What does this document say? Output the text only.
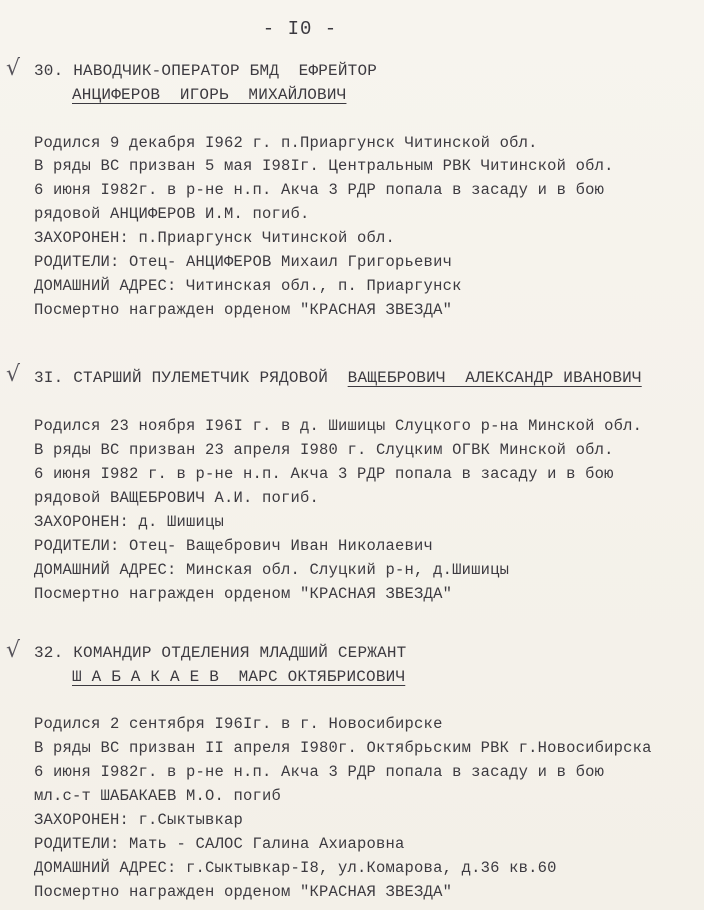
- I0 -
√ 30. НАВОДЧИК-ОПЕРАТОР БМД  ЕФРЕЙТОР
АНЦИФЕРОВ  ИГОРЬ  МИХАЙЛОВИЧ
Родился 9 декабря I962 г. п.Приаргунск Читинской обл.
В ряды ВС призван 5 мая I98Iг. Центральным РВК Читинской обл.
6 июня I982г. в р-не н.п. Акча 3 РДР попала в засаду и в бою
рядовой АНЦИФЕРОВ И.М. погиб.
ЗАХОРОНЕН: п.Приаргунск Читинской обл.
РОДИТЕЛИ: Отец- АНЦИФЕРОВ Михаил Григорьевич
ДОМАШНИЙ АДРЕС: Читинская обл., п. Приаргунск
Посмертно награжден орденом "КРАСНАЯ ЗВЕЗДА"
√ 3I. СТАРШИЙ ПУЛЕМЕТЧИК РЯДОВОЙ ВАЩЕБРОВИЧ  АЛЕКСАНДР ИВАНОВИЧ
Родился 23 ноября I96I г. в д. Шишицы Слуцкого р-на Минской обл.
В ряды ВС призван 23 апреля I980 г. Слуцким ОГВК Минской обл.
6 июня I982 г. в р-не н.п. Акча 3 РДР попала в засаду и в бою
рядовой ВАЩЕБРОВИЧ А.И. погиб.
ЗАХОРОНЕН: д. Шишицы
РОДИТЕЛИ: Отец- Ващебрович Иван Николаевич
ДОМАШНИЙ АДРЕС: Минская обл. Слуцкий р-н, д.Шишицы
Посмертно награжден орденом "КРАСНАЯ ЗВЕЗДА"
√ 32. КОМАНДИР ОТДЕЛЕНИЯ МЛАДШИЙ СЕРЖАНТ
Ш А Б А К А Е В  МАРС ОКТЯБРИСОВИЧ
Родился 2 сентября I96Iг. в г. Новосибирске
В ряды ВС призван II апреля I980г. Октябрьским РВК г.Новосибирска
6 июня I982г. в р-не н.п. Акча 3 РДР попала в засаду и в бою
мл.с-т ШАБАКАЕВ М.О. погиб
ЗАХОРОНЕН: г.Сыктывкар
РОДИТЕЛИ: Мать - САЛОС Галина Ахиаровна
ДОМАШНИЙ АДРЕС: г.Сыктывкар-I8, ул.Комарова, д.36 кв.60
Посмертно награжден орденом "КРАСНАЯ ЗВЕЗДА"
